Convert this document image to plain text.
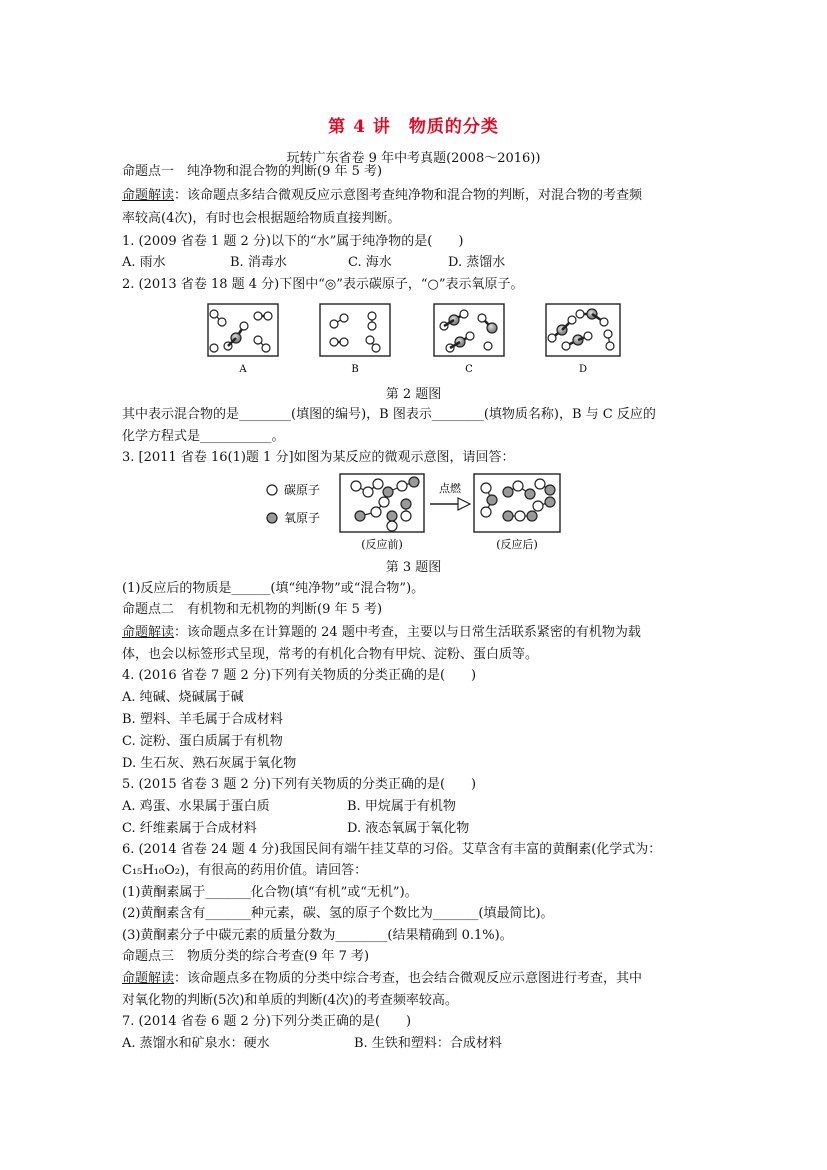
第 4 讲　物质的分类
玩转广东省卷 9 年中考真题(2008～2016))
命题点一　纯净物和混合物的判断(9 年 5 考)
命题解读：该命题点多结合微观反应示意图考查纯净物和混合物的判断，对混合物的考查频
率较高(4次)，有时也会根据题给物质直接判断。
1. (2009 省卷 1 题 2 分)以下的“水”属于纯净物的是(　　)
A. 雨水	B. 消毒水	C. 海水	D. 蒸馏水
2. (2013 省卷 18 题 4 分)下图中“◎”表示碳原子，“○”表示氧原子。
A	B	C	D
第 2 题图
其中表示混合物的是________(填图的编号)，B 图表示________(填物质名称)，B 与 C 反应的
化学方程式是___________。
3. [2011 省卷 16(1)题 1 分]如图为某反应的微观示意图，请回答：
碳原子
氧原子
点燃
(反应前)	(反应后)
第 3 题图
(1)反应后的物质是______(填“纯净物”或“混合物”)。
命题点二　有机物和无机物的判断(9 年 5 考)
命题解读：该命题点多在计算题的 24 题中考查，主要以与日常生活联系紧密的有机物为载
体，也会以标签形式呈现，常考的有机化合物有甲烷、淀粉、蛋白质等。
4. (2016 省卷 7 题 2 分)下列有关物质的分类正确的是(　　)
A. 纯碱、烧碱属于碱
B. 塑料、羊毛属于合成材料
C. 淀粉、蛋白质属于有机物
D. 生石灰、熟石灰属于氧化物
5. (2015 省卷 3 题 2 分)下列有关物质的分类正确的是(　　)
A. 鸡蛋、水果属于蛋白质	B. 甲烷属于有机物
C. 纤维素属于合成材料	D. 液态氧属于氧化物
6. (2014 省卷 24 题 4 分)我国民间有端午挂艾草的习俗。艾草含有丰富的黄酮素(化学式为：
C₁₅H₁₀O₂)，有很高的药用价值。请回答：
(1)黄酮素属于_______化合物(填“有机”或“无机”)。
(2)黄酮素含有_______种元素，碳、氢的原子个数比为_______(填最简比)。
(3)黄酮素分子中碳元素的质量分数为________(结果精确到 0.1%)。
命题点三　物质分类的综合考查(9 年 7 考)
命题解读：该命题点多在物质的分类中综合考查，也会结合微观反应示意图进行考查，其中
对氧化物的判断(5次)和单质的判断(4次)的考查频率较高。
7. (2014 省卷 6 题 2 分)下列分类正确的是(　　)
A. 蒸馏水和矿泉水：硬水	B. 生铁和塑料：合成材料
